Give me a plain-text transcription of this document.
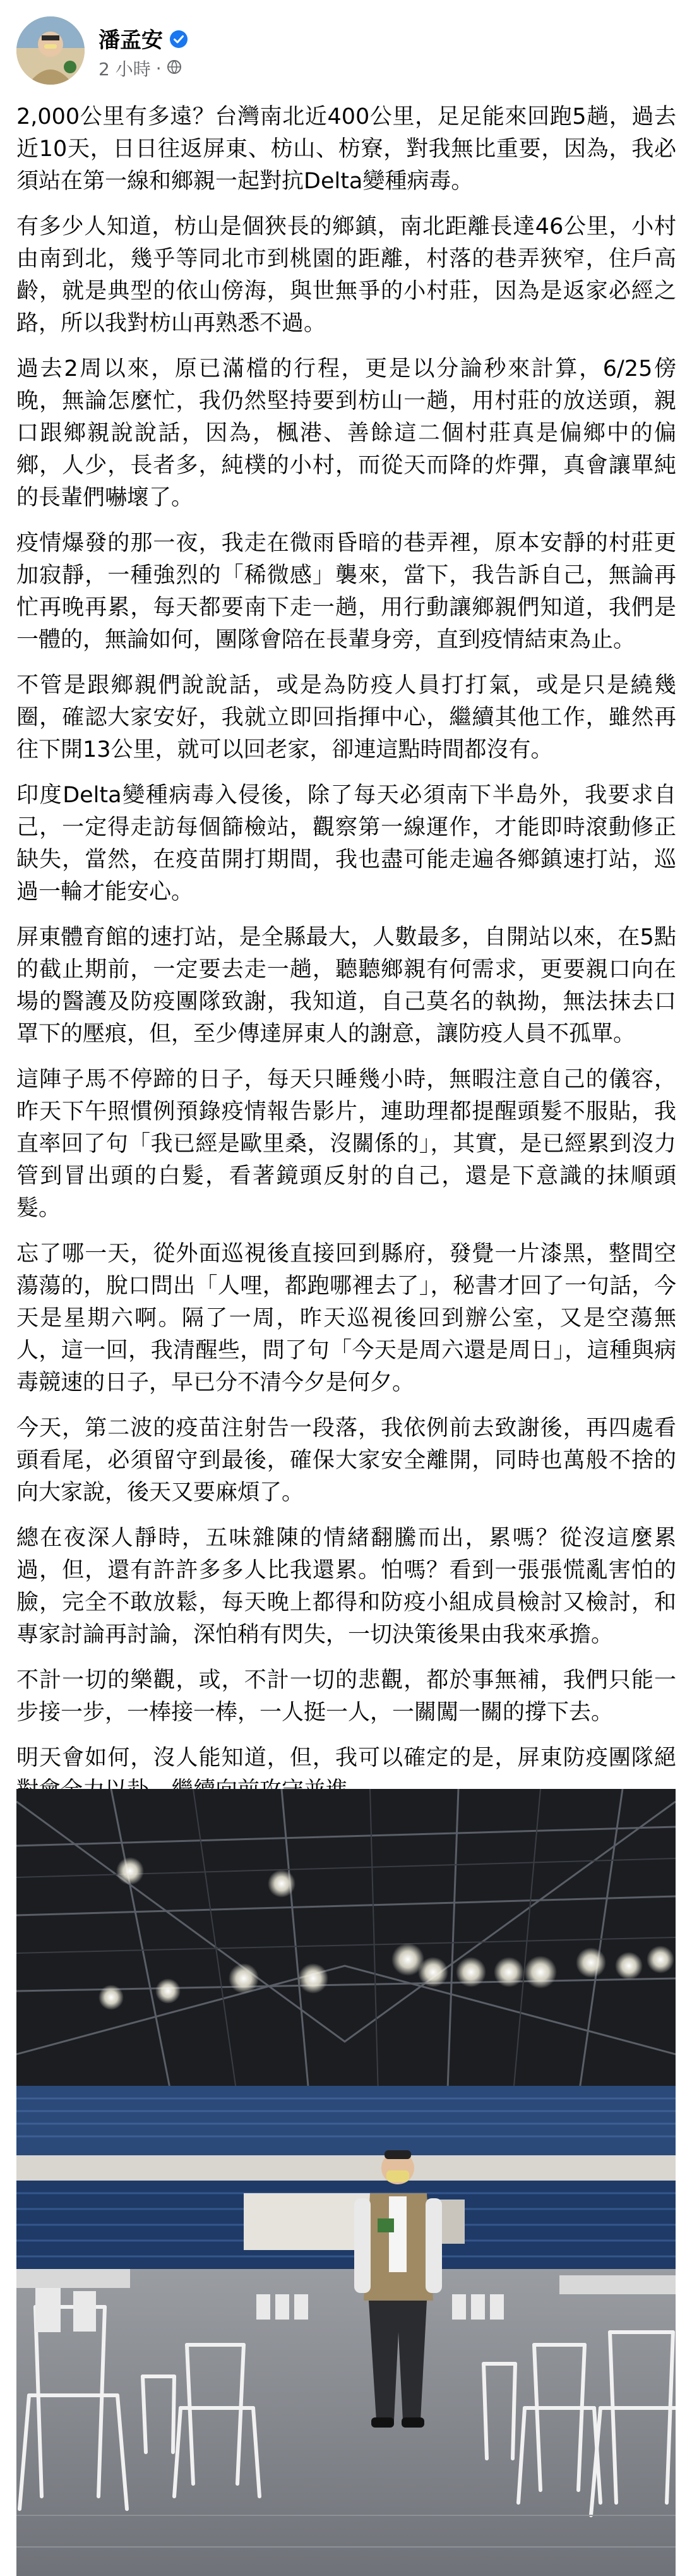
潘孟安
2 小時 ·

2,000公里有多遠？台灣南北近400公里，足足能來回跑5趟，過去近10天，日日往返屏東、枋山、枋寮，對我無比重要，因為，我必須站在第一線和鄉親一起對抗Delta變種病毒。

有多少人知道，枋山是個狹長的鄉鎮，南北距離長達46公里，小村由南到北，幾乎等同北市到桃園的距離，村落的巷弄狹窄，住戶高齡，就是典型的依山傍海，與世無爭的小村莊，因為是返家必經之路，所以我對枋山再熟悉不過。

過去2周以來，原已滿檔的行程，更是以分論秒來計算，6/25傍晚，無論怎麼忙，我仍然堅持要到枋山一趟，用村莊的放送頭，親口跟鄉親說說話，因為，楓港、善餘這二個村莊真是偏鄉中的偏鄉，人少，長者多，純樸的小村，而從天而降的炸彈，真會讓單純的長輩們嚇壞了。

疫情爆發的那一夜，我走在微雨昏暗的巷弄裡，原本安靜的村莊更加寂靜，一種強烈的「稀微感」襲來，當下，我告訴自己，無論再忙再晚再累，每天都要南下走一趟，用行動讓鄉親們知道，我們是一體的，無論如何，團隊會陪在長輩身旁，直到疫情結束為止。

不管是跟鄉親們說說話，或是為防疫人員打打氣，或是只是繞幾圈，確認大家安好，我就立即回指揮中心，繼續其他工作，雖然再往下開13公里，就可以回老家，卻連這點時間都沒有。

印度Delta變種病毒入侵後，除了每天必須南下半島外，我要求自己，一定得走訪每個篩檢站，觀察第一線運作，才能即時滾動修正缺失，當然，在疫苗開打期間，我也盡可能走遍各鄉鎮速打站，巡過一輪才能安心。

屏東體育館的速打站，是全縣最大，人數最多，自開站以來，在5點的截止期前，一定要去走一趟，聽聽鄉親有何需求，更要親口向在場的醫護及防疫團隊致謝，我知道，自己莫名的執拗，無法抹去口罩下的壓痕，但，至少傳達屏東人的謝意，讓防疫人員不孤單。

這陣子馬不停蹄的日子，每天只睡幾小時，無暇注意自己的儀容，昨天下午照慣例預錄疫情報告影片，連助理都提醒頭髮不服貼，我直率回了句「我已經是歐里桑，沒關係的」，其實，是已經累到沒力管到冒出頭的白髮，看著鏡頭反射的自己，還是下意識的抹順頭髮。

忘了哪一天，從外面巡視後直接回到縣府，發覺一片漆黑，整間空蕩蕩的，脫口問出「人哩，都跑哪裡去了」，秘書才回了一句話，今天是星期六啊。隔了一周，昨天巡視後回到辦公室，又是空蕩無人，這一回，我清醒些，問了句「今天是周六還是周日」，這種與病毒競速的日子，早已分不清今夕是何夕。

今天，第二波的疫苗注射告一段落，我依例前去致謝後，再四處看頭看尾，必須留守到最後，確保大家安全離開，同時也萬般不捨的向大家說，後天又要麻煩了。

總在夜深人靜時，五味雜陳的情緒翻騰而出，累嗎？從沒這麼累過，但，還有許許多多人比我還累。怕嗎？看到一張張慌亂害怕的臉，完全不敢放鬆，每天晚上都得和防疫小組成員檢討又檢討，和專家討論再討論，深怕稍有閃失，一切決策後果由我來承擔。

不計一切的樂觀，或，不計一切的悲觀，都於事無補，我們只能一步接一步，一棒接一棒，一人挺一人，一關闖一關的撐下去。

明天會如何，沒人能知道，但，我可以確定的是，屏東防疫團隊絕
